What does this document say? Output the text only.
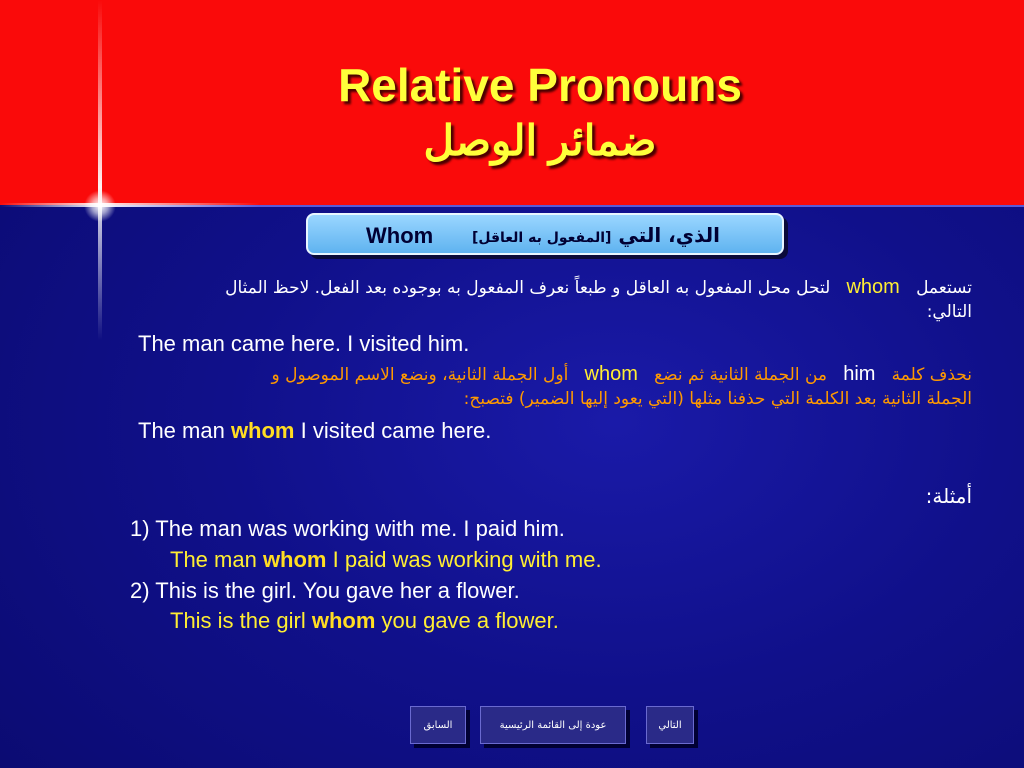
Relative Pronouns
ضمائر الوصل
Whom	الذي، التي [المفعول به العاقل]
تستعمل   whom   لتحل محل المفعول به العاقل و طبعاً نعرف المفعول به بوجوده بعد الفعل. لاحظ المثال
التالي:
The man came here. I visited him.
نحذف كلمة   him   من الجملة الثانية ثم نضع   whom   أول الجملة الثانية، ونضع الاسم الموصول و
الجملة الثانية بعد الكلمة التي حذفنا مثلها (التي يعود إليها الضمير) فتصبح:
The man whom I visited came here.
أمثلة:
1) The man was working with me. I paid him.
The man whom I paid was working with me.
2) This is the girl. You gave her a flower.
This is the girl whom you gave a flower.
السابق	عودة إلى القائمة الرئيسية	التالي
